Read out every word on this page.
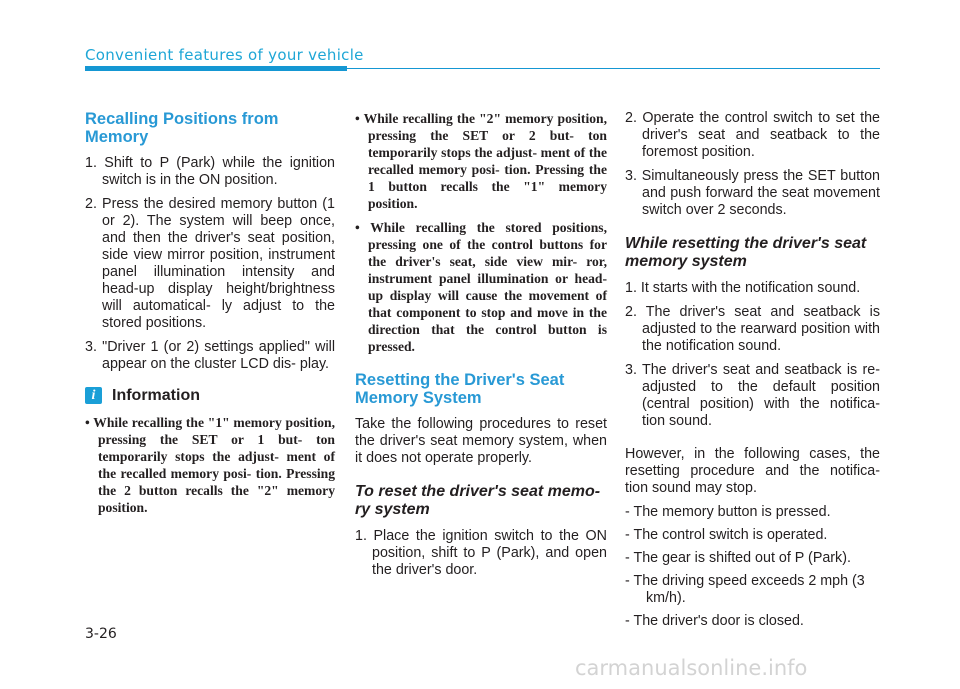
Convenient features of your vehicle
Recalling Positions from Memory
1. Shift to P (Park) while the ignition switch is in the ON position.
2. Press the desired memory button (1 or 2). The system will beep once, and then the driver's seat position, side view mirror position, instrument panel illumination intensity and head-up display height/brightness will automatical- ly adjust to the stored positions.
3. "Driver 1 (or 2) settings applied" will appear on the cluster LCD dis- play.
i	Information
• While recalling the "1" memory position, pressing the SET or 1 but- ton temporarily stops the adjust- ment of the recalled memory posi- tion. Pressing the 2 button recalls the "2" memory position.
• While recalling the "2" memory position, pressing the SET or 2 but- ton temporarily stops the adjust- ment of the recalled memory posi- tion. Pressing the 1 button recalls the "1" memory position.
• While recalling the stored positions, pressing one of the control buttons for the driver's seat, side view mir- ror, instrument panel illumination or head-up display will cause the movement of that component to stop and move in the direction that the control button is pressed.
Resetting the Driver's Seat Memory System
Take the following procedures to reset the driver's seat memory system, when it does not operate properly.
To reset the driver's seat memo- ry system
1. Place the ignition switch to the ON position, shift to P (Park), and open the driver's door.
2. Operate the control switch to set the driver's seat and seatback to the foremost position.
3. Simultaneously press the SET button and push forward the seat movement switch over 2 seconds.
While resetting the driver's seat memory system
1. It starts with the notification sound.
2. The driver's seat and seatback is adjusted to the rearward position with the notification sound.
3. The driver's seat and seatback is re-adjusted to the default position (central position) with the notifica- tion sound.
However, in the following cases, the resetting procedure and the notifica- tion sound may stop.
- The memory button is pressed.
- The control switch is operated.
- The gear is shifted out of P (Park).
- The driving speed exceeds 2 mph (3 km/h).
- The driver's door is closed.
3-26
carmanualsonline.info
